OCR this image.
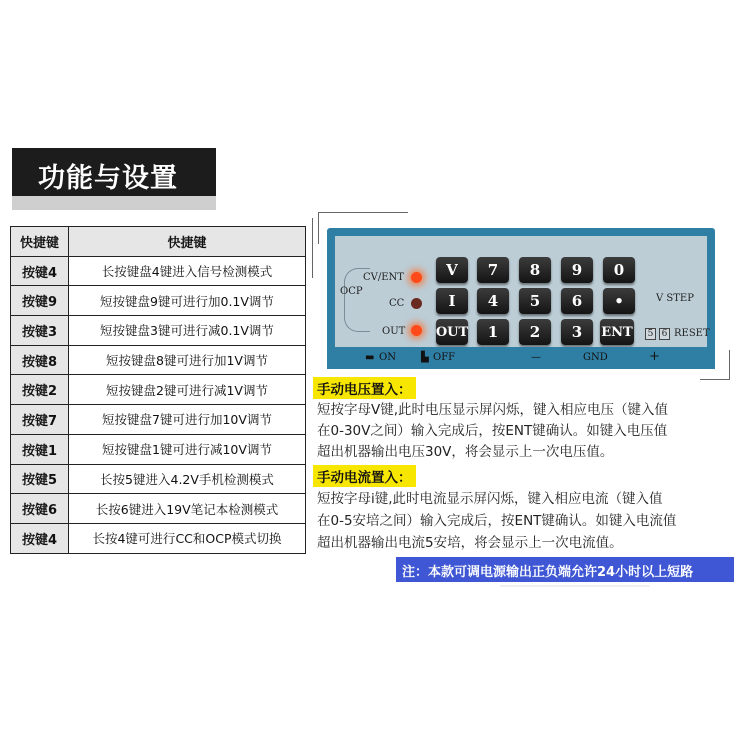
功能与设置
快捷键	快捷键
按键4	长按键盘4键进入信号检测模式
按键9	短按键盘9键可进行加0.1V调节
按键3	短按键盘3键可进行减0.1V调节
按键8	短按键盘8键可进行加1V调节
按键2	短按键盘2键可进行减1V调节
按键7	短按键盘7键可进行加10V调节
按键1	短按键盘1键可进行减10V调节
按键5	长按5键进入4.2V手机检测模式
按键6	长按6键进入19V笔记本检测模式
按键4	长按4键可进行CC和OCP模式切换
CV/ENT
OCP
CC
OUT
V	7	8	9	0
I	4	5	6	•
OUT	1	2	3	ENT
V STEP
5 6 RESET
▬ ON	▙ OFF	—	GND	+
手动电压置入：
短按字母V键,此时电压显示屏闪烁，键入相应电压（键入值
在0-30V之间）输入完成后，按ENT键确认。如键入电压值
超出机器输出电压30V，将会显示上一次电压值。
手动电流置入：
短按字母i键,此时电流显示屏闪烁，键入相应电流（键入值
在0-5安培之间）输入完成后，按ENT键确认。如键入电流值
超出机器输出电流5安培，将会显示上一次电流值。
注：本款可调电源输出正负端允许24小时以上短路
